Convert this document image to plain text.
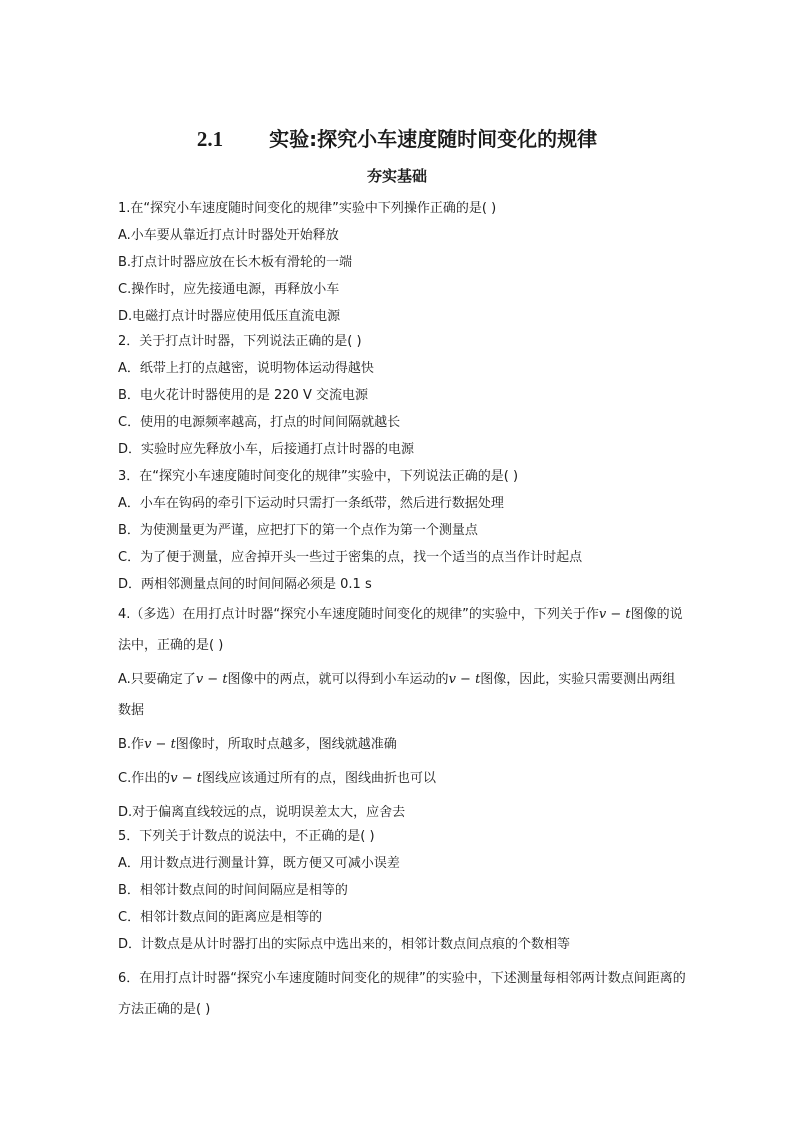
2.1 实验:探究小车速度随时间变化的规律
夯实基础
1.在“探究小车速度随时间变化的规律”实验中下列操作正确的是( )
A.小车要从靠近打点计时器处开始释放
B.打点计时器应放在长木板有滑轮的一端
C.操作时，应先接通电源，再释放小车
D.电磁打点计时器应使用低压直流电源
2．关于打点计时器，下列说法正确的是( )
A．纸带上打的点越密，说明物体运动得越快
B．电火花计时器使用的是 220 V 交流电源
C．使用的电源频率越高，打点的时间间隔就越长
D．实验时应先释放小车，后接通打点计时器的电源
3．在“探究小车速度随时间变化的规律”实验中，下列说法正确的是( )
A．小车在钩码的牵引下运动时只需打一条纸带，然后进行数据处理
B．为使测量更为严谨，应把打下的第一个点作为第一个测量点
C．为了便于测量，应舍掉开头一些过于密集的点，找一个适当的点当作计时起点
D．两相邻测量点间的时间间隔必须是 0.1 s
4.（多选）在用打点计时器“探究小车速度随时间变化的规律”的实验中，下列关于作v − t图像的说法中，正确的是( )
A.只要确定了v − t图像中的两点，就可以得到小车运动的v − t图像，因此，实验只需要测出两组数据
B.作v − t图像时，所取时点越多，图线就越准确
C.作出的v − t图线应该通过所有的点，图线曲折也可以
D.对于偏离直线较远的点，说明误差太大，应舍去
5．下列关于计数点的说法中，不正确的是( )
A．用计数点进行测量计算，既方便又可减小误差
B．相邻计数点间的时间间隔应是相等的
C．相邻计数点间的距离应是相等的
D．计数点是从计时器打出的实际点中选出来的，相邻计数点间点痕的个数相等
6．在用打点计时器“探究小车速度随时间变化的规律”的实验中，下述测量每相邻两计数点间距离的方法正确的是( )
